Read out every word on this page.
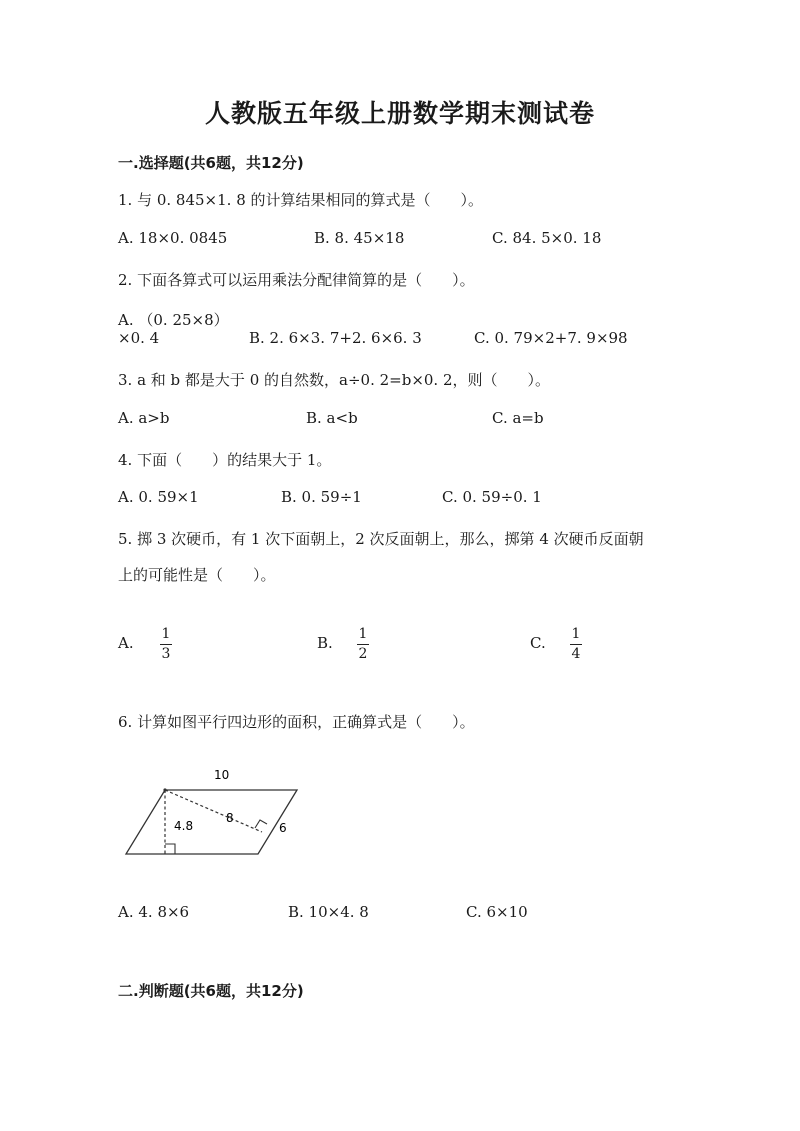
人教版五年级上册数学期末测试卷
一.选择题(共6题，共12分)
1. 与 0. 845×1. 8 的计算结果相同的算式是（　　）。
A. 18×0. 0845	B. 8. 45×18	C. 84. 5×0. 18
2. 下面各算式可以运用乘法分配律简算的是（　　）。
A. （0. 25×8）
×0. 4	B. 2. 6×3. 7+2. 6×6. 3	C. 0. 79×2+7. 9×98
3. a 和 b 都是大于 0 的自然数，a÷0. 2=b×0. 2，则（　　）。
A. a>b	B. a<b	C. a=b
4. 下面（　　）的结果大于 1。
A. 0. 59×1	B. 0. 59÷1	C. 0. 59÷0. 1
5. 掷 3 次硬币，有 1 次下面朝上，2 次反面朝上，那么，掷第 4 次硬币反面朝
上的可能性是（　　）。
A. 1
3
B. 1
2
C. 1
4
6. 计算如图平行四边形的面积，正确算式是（　　）。
10
4.8
8
6
A. 4. 8×6	B. 10×4. 8	C. 6×10
二.判断题(共6题，共12分)
